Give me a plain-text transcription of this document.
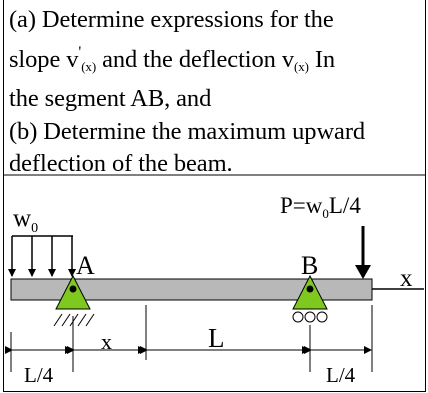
(a) Determine expressions for the
slope $v'_{(x)}$ and the deflection $v_{(x)}$ In
the segment AB, and
(b) Determine the maximum upward
deflection of the beam.
$w_0$
$P=w_0L/4$
x
A	B
L/4
x	L
L/4
